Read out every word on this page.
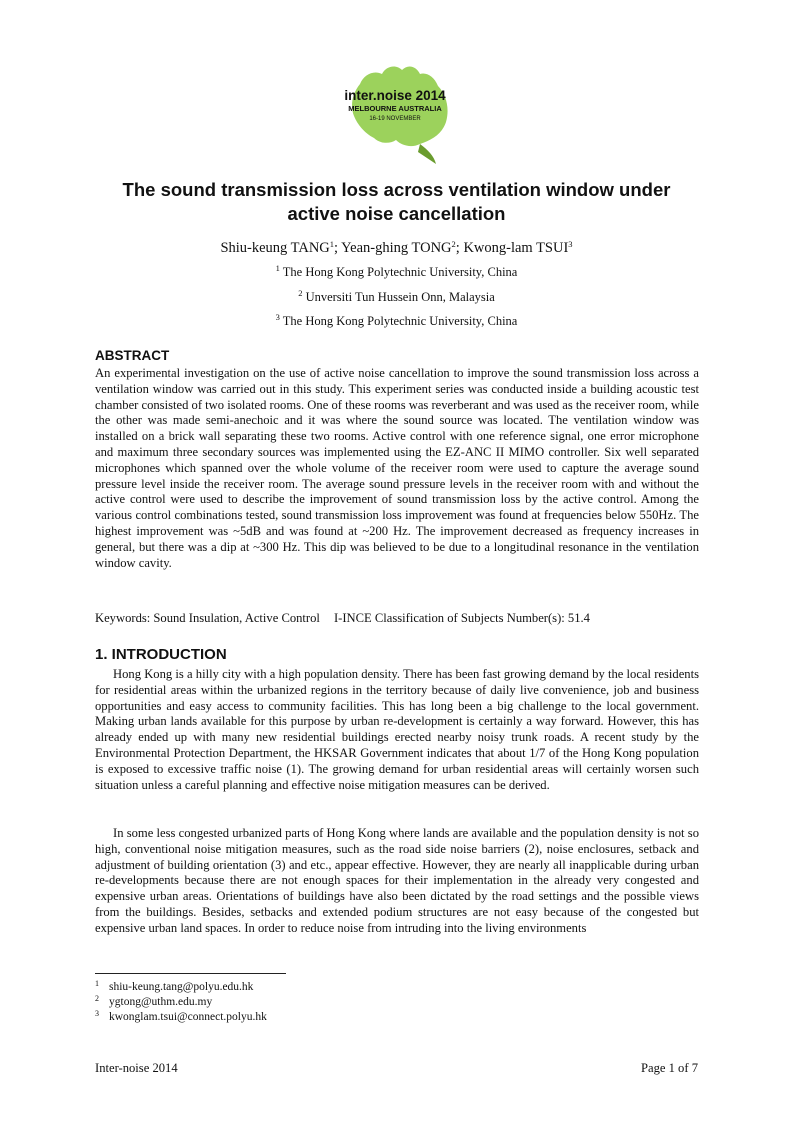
inter.noise 2014
MELBOURNE AUSTRALIA
16-19 NOVEMBER
The sound transmission loss across ventilation window under active noise cancellation
Shiu-keung TANG$^1$; Yean-ghing TONG$^2$; Kwong-lam TSUI$^3$
$^1$ The Hong Kong Polytechnic University, China
$^2$ Unversiti Tun Hussein Onn, Malaysia
$^3$ The Hong Kong Polytechnic University, China
ABSTRACT

An experimental investigation on the use of active noise cancellation to improve the sound transmission loss across a ventilation window was carried out in this study. This experiment series was conducted inside a building acoustic test chamber consisted of two isolated rooms. One of these rooms was reverberant and was used as the receiver room, while the other was made semi-anechoic and it was where the sound source was located. The ventilation window was installed on a brick wall separating these two rooms. Active control with one reference signal, one error microphone and maximum three secondary sources was implemented using the EZ-ANC II MIMO controller. Six well separated microphones which spanned over the whole volume of the receiver room were used to capture the average sound pressure level inside the receiver room. The average sound pressure levels in the receiver room with and without the active control were used to describe the improvement of sound transmission loss by the active control. Among the various control combinations tested, sound transmission loss improvement was found at frequencies below 550Hz. The highest improvement was ~5dB and was found at ~200 Hz. The improvement decreased as frequency increases in general, but there was a dip at ~300 Hz. This dip was believed to be due to a longitudinal resonance in the ventilation window cavity.

Keywords: Sound Insulation, Active Control I-INCE Classification of Subjects Number(s): 51.4
1. INTRODUCTION

Hong Kong is a hilly city with a high population density. There has been fast growing demand by the local residents for residential areas within the urbanized regions in the territory because of daily live convenience, job and business opportunities and easy access to community facilities. This has long been a big challenge to the local government. Making urban lands available for this purpose by urban re-development is certainly a way forward. However, this has already ended up with many new residential buildings erected nearby noisy trunk roads. A recent study by the Environmental Protection Department, the HKSAR Government indicates that about 1/7 of the Hong Kong population is exposed to excessive traffic noise (1). The growing demand for urban residential areas will certainly worsen such situation unless a careful planning and effective noise mitigation measures can be derived.

In some less congested urbanized parts of Hong Kong where lands are available and the population density is not so high, conventional noise mitigation measures, such as the road side noise barriers (2), noise enclosures, setback and adjustment of building orientation (3) and etc., appear effective. However, they are nearly all inapplicable during urban re-developments because there are not enough spaces for their implementation in the already very congested and expensive urban areas. Orientations of buildings have also been dictated by the road settings and the possible views from the buildings. Besides, setbacks and extended podium structures are not easy because of the congested but expensive urban land spaces. In order to reduce noise from intruding into the living environments

1 shiu-keung.tang@polyu.edu.hk
2 ygtong@uthm.edu.my
3 kwonglam.tsui@connect.polyu.hk
Inter-noise 2014	Page 1 of 7
